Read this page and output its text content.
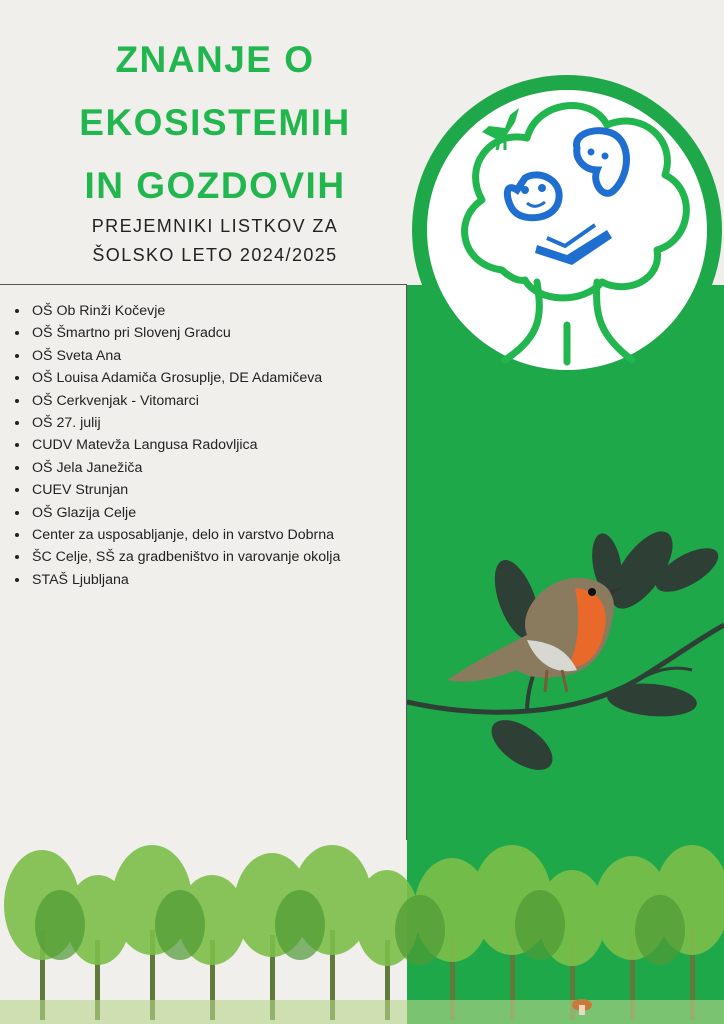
ZNANJE O
EKOSISTEMIH
IN GOZDOVIH
PREJEMNIKI LISTKOV ZA
ŠOLSKO LETO 2024/2025
• OŠ Ob Rinži Kočevje
• OŠ Šmartno pri Slovenj Gradcu
• OŠ Sveta Ana
• OŠ Louisa Adamiča Grosuplje, DE Adamičeva
• OŠ Cerkvenjak - Vitomarci
• OŠ 27. julij
• CUDV Matevža Langusa Radovljica
• OŠ Jela Janežiča
• CUEV Strunjan
• OŠ Glazija Celje
• Center za usposabljanje, delo in varstvo Dobrna
• ŠC Celje, SŠ za gradbeništvo in varovanje okolja
• STAŠ Ljubljana
